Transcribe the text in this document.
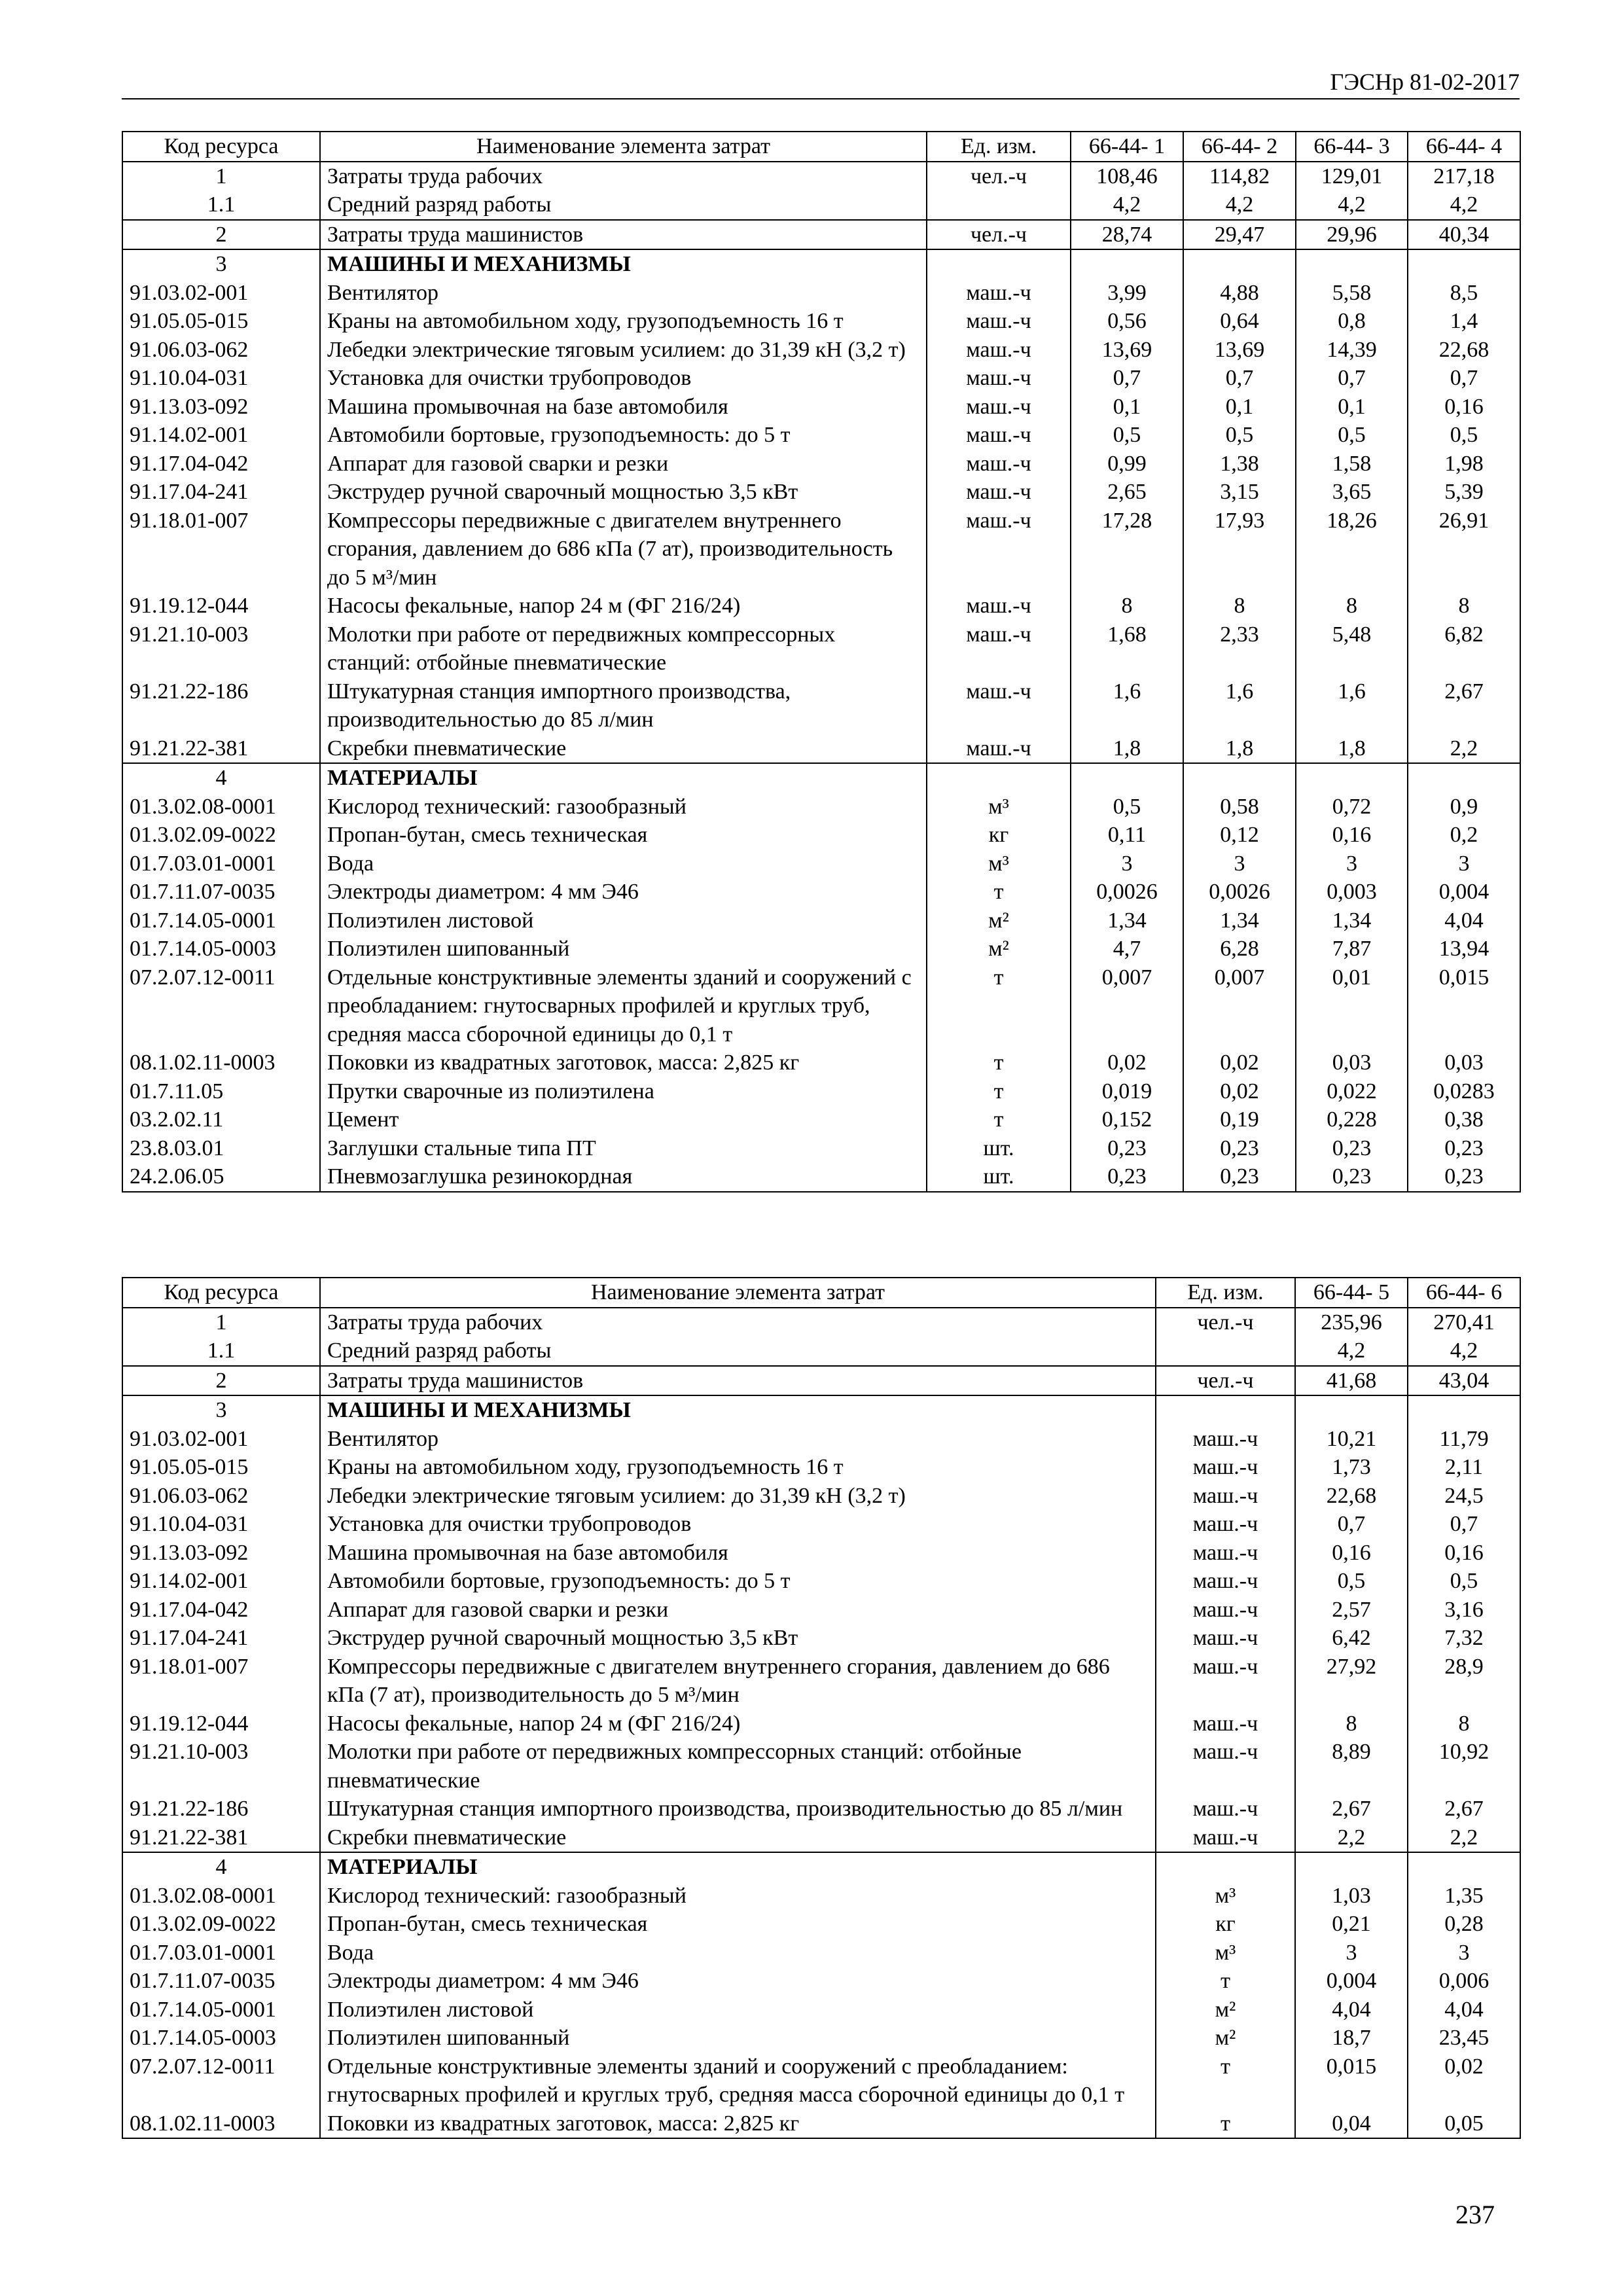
ГЭСНр 81-02-2017
Код ресурса	Наименование элемента затрат	Ед. изм.	66-44- 1	66-44- 2	66-44- 3	66-44- 4
1	Затраты труда рабочих	чел.-ч	108,46	114,82	129,01	217,18
1.1	Средний разряд работы		4,2	4,2	4,2	4,2
2	Затраты труда машинистов	чел.-ч	28,74	29,47	29,96	40,34
3	МАШИНЫ И МЕХАНИЗМЫ					
91.03.02-001	Вентилятор	маш.-ч	3,99	4,88	5,58	8,5
91.05.05-015	Краны на автомобильном ходу, грузоподъемность 16 т	маш.-ч	0,56	0,64	0,8	1,4
91.06.03-062	Лебедки электрические тяговым усилием: до 31,39 кН (3,2 т)	маш.-ч	13,69	13,69	14,39	22,68
91.10.04-031	Установка для очистки трубопроводов	маш.-ч	0,7	0,7	0,7	0,7
91.13.03-092	Машина промывочная на базе автомобиля	маш.-ч	0,1	0,1	0,1	0,16
91.14.02-001	Автомобили бортовые, грузоподъемность: до 5 т	маш.-ч	0,5	0,5	0,5	0,5
91.17.04-042	Аппарат для газовой сварки и резки	маш.-ч	0,99	1,38	1,58	1,98
91.17.04-241	Экструдер ручной сварочный мощностью 3,5 кВт	маш.-ч	2,65	3,15	3,65	5,39
91.18.01-007	Компрессоры передвижные с двигателем внутреннего сгорания, давлением до 686 кПа (7 ат), производительность до 5 м³/мин	маш.-ч	17,28	17,93	18,26	26,91
91.19.12-044	Насосы фекальные, напор 24 м (ФГ 216/24)	маш.-ч	8	8	8	8
91.21.10-003	Молотки при работе от передвижных компрессорных станций: отбойные пневматические	маш.-ч	1,68	2,33	5,48	6,82
91.21.22-186	Штукатурная станция импортного производства, производительностью до 85 л/мин	маш.-ч	1,6	1,6	1,6	2,67
91.21.22-381	Скребки пневматические	маш.-ч	1,8	1,8	1,8	2,2
4	МАТЕРИАЛЫ					
01.3.02.08-0001	Кислород технический: газообразный	м³	0,5	0,58	0,72	0,9
01.3.02.09-0022	Пропан-бутан, смесь техническая	кг	0,11	0,12	0,16	0,2
01.7.03.01-0001	Вода	м³	3	3	3	3
01.7.11.07-0035	Электроды диаметром: 4 мм Э46	т	0,0026	0,0026	0,003	0,004
01.7.14.05-0001	Полиэтилен листовой	м²	1,34	1,34	1,34	4,04
01.7.14.05-0003	Полиэтилен шипованный	м²	4,7	6,28	7,87	13,94
07.2.07.12-0011	Отдельные конструктивные элементы зданий и сооружений с преобладанием: гнутосварных профилей и круглых труб, средняя масса сборочной единицы до 0,1 т	т	0,007	0,007	0,01	0,015
08.1.02.11-0003	Поковки из квадратных заготовок, масса: 2,825 кг	т	0,02	0,02	0,03	0,03
01.7.11.05	Прутки сварочные из полиэтилена	т	0,019	0,02	0,022	0,0283
03.2.02.11	Цемент	т	0,152	0,19	0,228	0,38
23.8.03.01	Заглушки стальные типа ПТ	шт.	0,23	0,23	0,23	0,23
24.2.06.05	Пневмозаглушка резинокордная	шт.	0,23	0,23	0,23	0,23
Код ресурса	Наименование элемента затрат	Ед. изм.	66-44- 5	66-44- 6
1	Затраты труда рабочих	чел.-ч	235,96	270,41
1.1	Средний разряд работы		4,2	4,2
2	Затраты труда машинистов	чел.-ч	41,68	43,04
3	МАШИНЫ И МЕХАНИЗМЫ			
91.03.02-001	Вентилятор	маш.-ч	10,21	11,79
91.05.05-015	Краны на автомобильном ходу, грузоподъемность 16 т	маш.-ч	1,73	2,11
91.06.03-062	Лебедки электрические тяговым усилием: до 31,39 кН (3,2 т)	маш.-ч	22,68	24,5
91.10.04-031	Установка для очистки трубопроводов	маш.-ч	0,7	0,7
91.13.03-092	Машина промывочная на базе автомобиля	маш.-ч	0,16	0,16
91.14.02-001	Автомобили бортовые, грузоподъемность: до 5 т	маш.-ч	0,5	0,5
91.17.04-042	Аппарат для газовой сварки и резки	маш.-ч	2,57	3,16
91.17.04-241	Экструдер ручной сварочный мощностью 3,5 кВт	маш.-ч	6,42	7,32
91.18.01-007	Компрессоры передвижные с двигателем внутреннего сгорания, давлением до 686 кПа (7 ат), производительность до 5 м³/мин	маш.-ч	27,92	28,9
91.19.12-044	Насосы фекальные, напор 24 м (ФГ 216/24)	маш.-ч	8	8
91.21.10-003	Молотки при работе от передвижных компрессорных станций: отбойные пневматические	маш.-ч	8,89	10,92
91.21.22-186	Штукатурная станция импортного производства, производительностью до 85 л/мин	маш.-ч	2,67	2,67
91.21.22-381	Скребки пневматические	маш.-ч	2,2	2,2
4	МАТЕРИАЛЫ			
01.3.02.08-0001	Кислород технический: газообразный	м³	1,03	1,35
01.3.02.09-0022	Пропан-бутан, смесь техническая	кг	0,21	0,28
01.7.03.01-0001	Вода	м³	3	3
01.7.11.07-0035	Электроды диаметром: 4 мм Э46	т	0,004	0,006
01.7.14.05-0001	Полиэтилен листовой	м²	4,04	4,04
01.7.14.05-0003	Полиэтилен шипованный	м²	18,7	23,45
07.2.07.12-0011	Отдельные конструктивные элементы зданий и сооружений с преобладанием: гнутосварных профилей и круглых труб, средняя масса сборочной единицы до 0,1 т	т	0,015	0,02
08.1.02.11-0003	Поковки из квадратных заготовок, масса: 2,825 кг	т	0,04	0,05
237
